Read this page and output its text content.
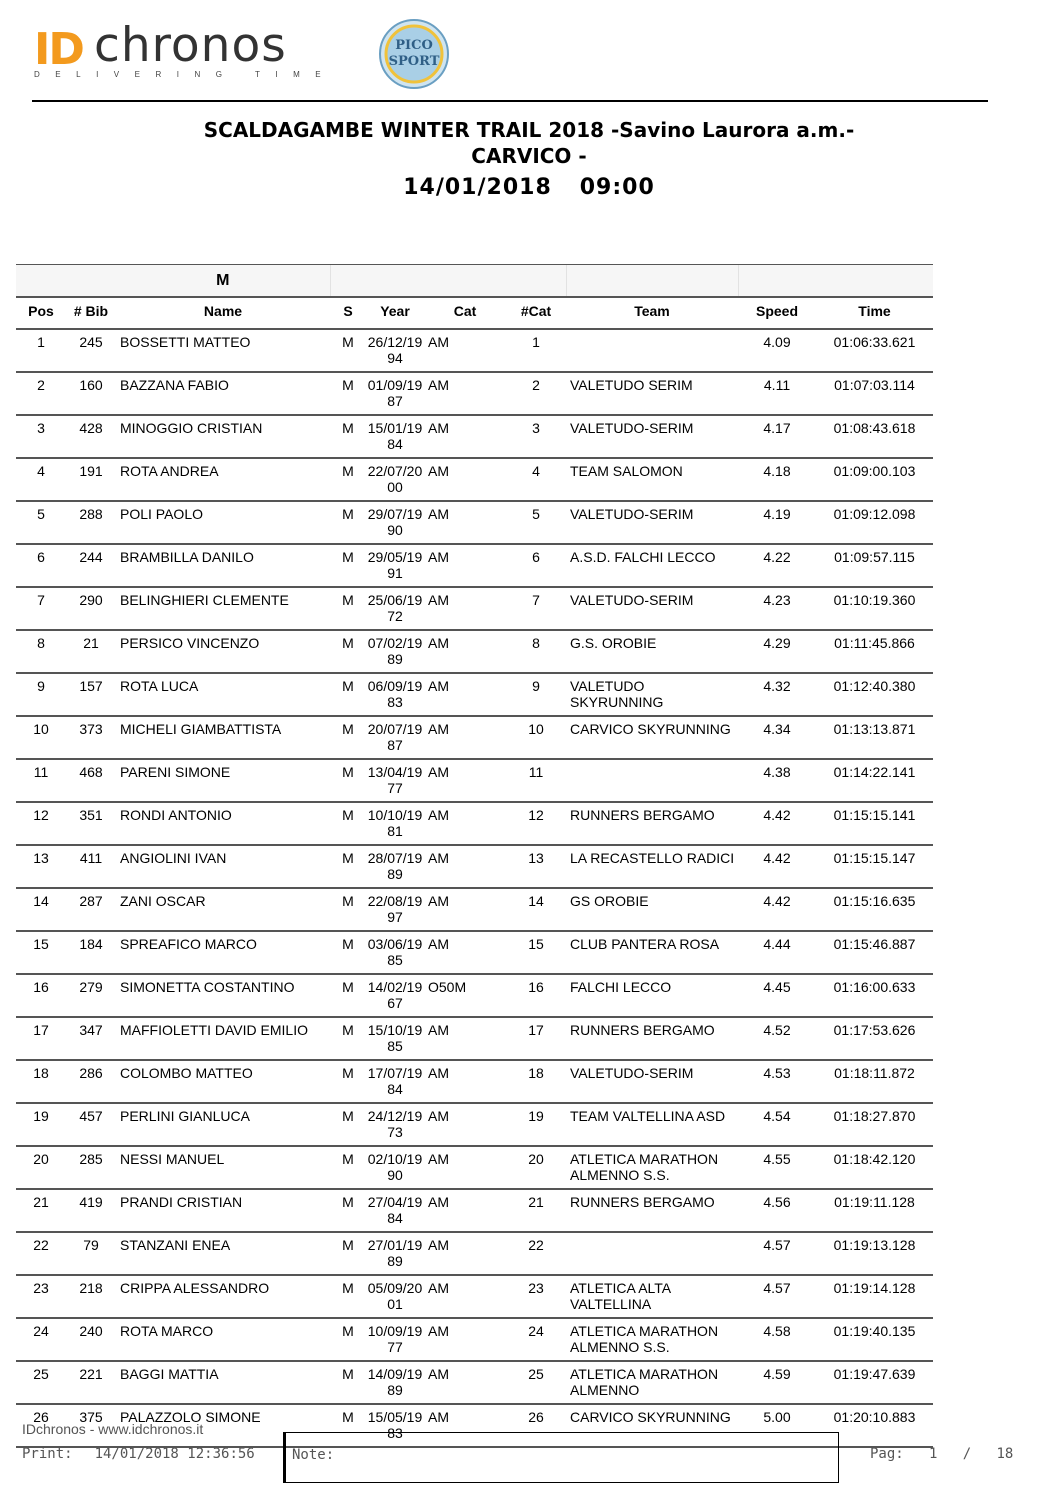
ID chronos
DELIVERING TIME
PICO
SPORT
SCALDAGAMBE WINTER TRAIL 2018 -Savino Laurora a.m.-
CARVICO -
14/01/2018 09:00
		M							
Pos	# Bib	Name	S	Year	Cat	#Cat	Team	Speed	Time
1	245	BOSSETTI MATTEO	M	26/12/1994	AM	1		4.09	01:06:33.621
2	160	BAZZANA FABIO	M	01/09/1987	AM	2	VALETUDO SERIM	4.11	01:07:03.114
3	428	MINOGGIO CRISTIAN	M	15/01/1984	AM	3	VALETUDO-SERIM	4.17	01:08:43.618
4	191	ROTA ANDREA	M	22/07/2000	AM	4	TEAM SALOMON	4.18	01:09:00.103
5	288	POLI PAOLO	M	29/07/1990	AM	5	VALETUDO-SERIM	4.19	01:09:12.098
6	244	BRAMBILLA DANILO	M	29/05/1991	AM	6	A.S.D. FALCHI LECCO	4.22	01:09:57.115
7	290	BELINGHIERI CLEMENTE	M	25/06/1972	AM	7	VALETUDO-SERIM	4.23	01:10:19.360
8	21	PERSICO VINCENZO	M	07/02/1989	AM	8	G.S. OROBIE	4.29	01:11:45.866
9	157	ROTA LUCA	M	06/09/1983	AM	9	VALETUDO SKYRUNNING	4.32	01:12:40.380
10	373	MICHELI GIAMBATTISTA	M	20/07/1987	AM	10	CARVICO SKYRUNNING	4.34	01:13:13.871
11	468	PARENI SIMONE	M	13/04/1977	AM	11		4.38	01:14:22.141
12	351	RONDI ANTONIO	M	10/10/1981	AM	12	RUNNERS BERGAMO	4.42	01:15:15.141
13	411	ANGIOLINI IVAN	M	28/07/1989	AM	13	LA RECASTELLO RADICI	4.42	01:15:15.147
14	287	ZANI OSCAR	M	22/08/1997	AM	14	GS OROBIE	4.42	01:15:16.635
15	184	SPREAFICO MARCO	M	03/06/1985	AM	15	CLUB PANTERA ROSA	4.44	01:15:46.887
16	279	SIMONETTA COSTANTINO	M	14/02/1967	O50M	16	FALCHI LECCO	4.45	01:16:00.633
17	347	MAFFIOLETTI DAVID EMILIO	M	15/10/1985	AM	17	RUNNERS BERGAMO	4.52	01:17:53.626
18	286	COLOMBO MATTEO	M	17/07/1984	AM	18	VALETUDO-SERIM	4.53	01:18:11.872
19	457	PERLINI GIANLUCA	M	24/12/1973	AM	19	TEAM VALTELLINA ASD	4.54	01:18:27.870
20	285	NESSI MANUEL	M	02/10/1990	AM	20	ATLETICA MARATHON ALMENNO S.S.	4.55	01:18:42.120
21	419	PRANDI CRISTIAN	M	27/04/1984	AM	21	RUNNERS BERGAMO	4.56	01:19:11.128
22	79	STANZANI ENEA	M	27/01/1989	AM	22		4.57	01:19:13.128
23	218	CRIPPA ALESSANDRO	M	05/09/2001	AM	23	ATLETICA ALTA VALTELLINA	4.57	01:19:14.128
24	240	ROTA MARCO	M	10/09/1977	AM	24	ATLETICA MARATHON ALMENNO S.S.	4.58	01:19:40.135
25	221	BAGGI MATTIA	M	14/09/1989	AM	25	ATLETICA MARATHON ALMENNO	4.59	01:19:47.639
26	375	PALAZZOLO SIMONE	M	15/05/1983	AM	26	CARVICO SKYRUNNING	5.00	01:20:10.883
IDchronos - www.idchronos.it
Print: 14/01/2018 12:36:56	Note:	Pag: 1 / 18
